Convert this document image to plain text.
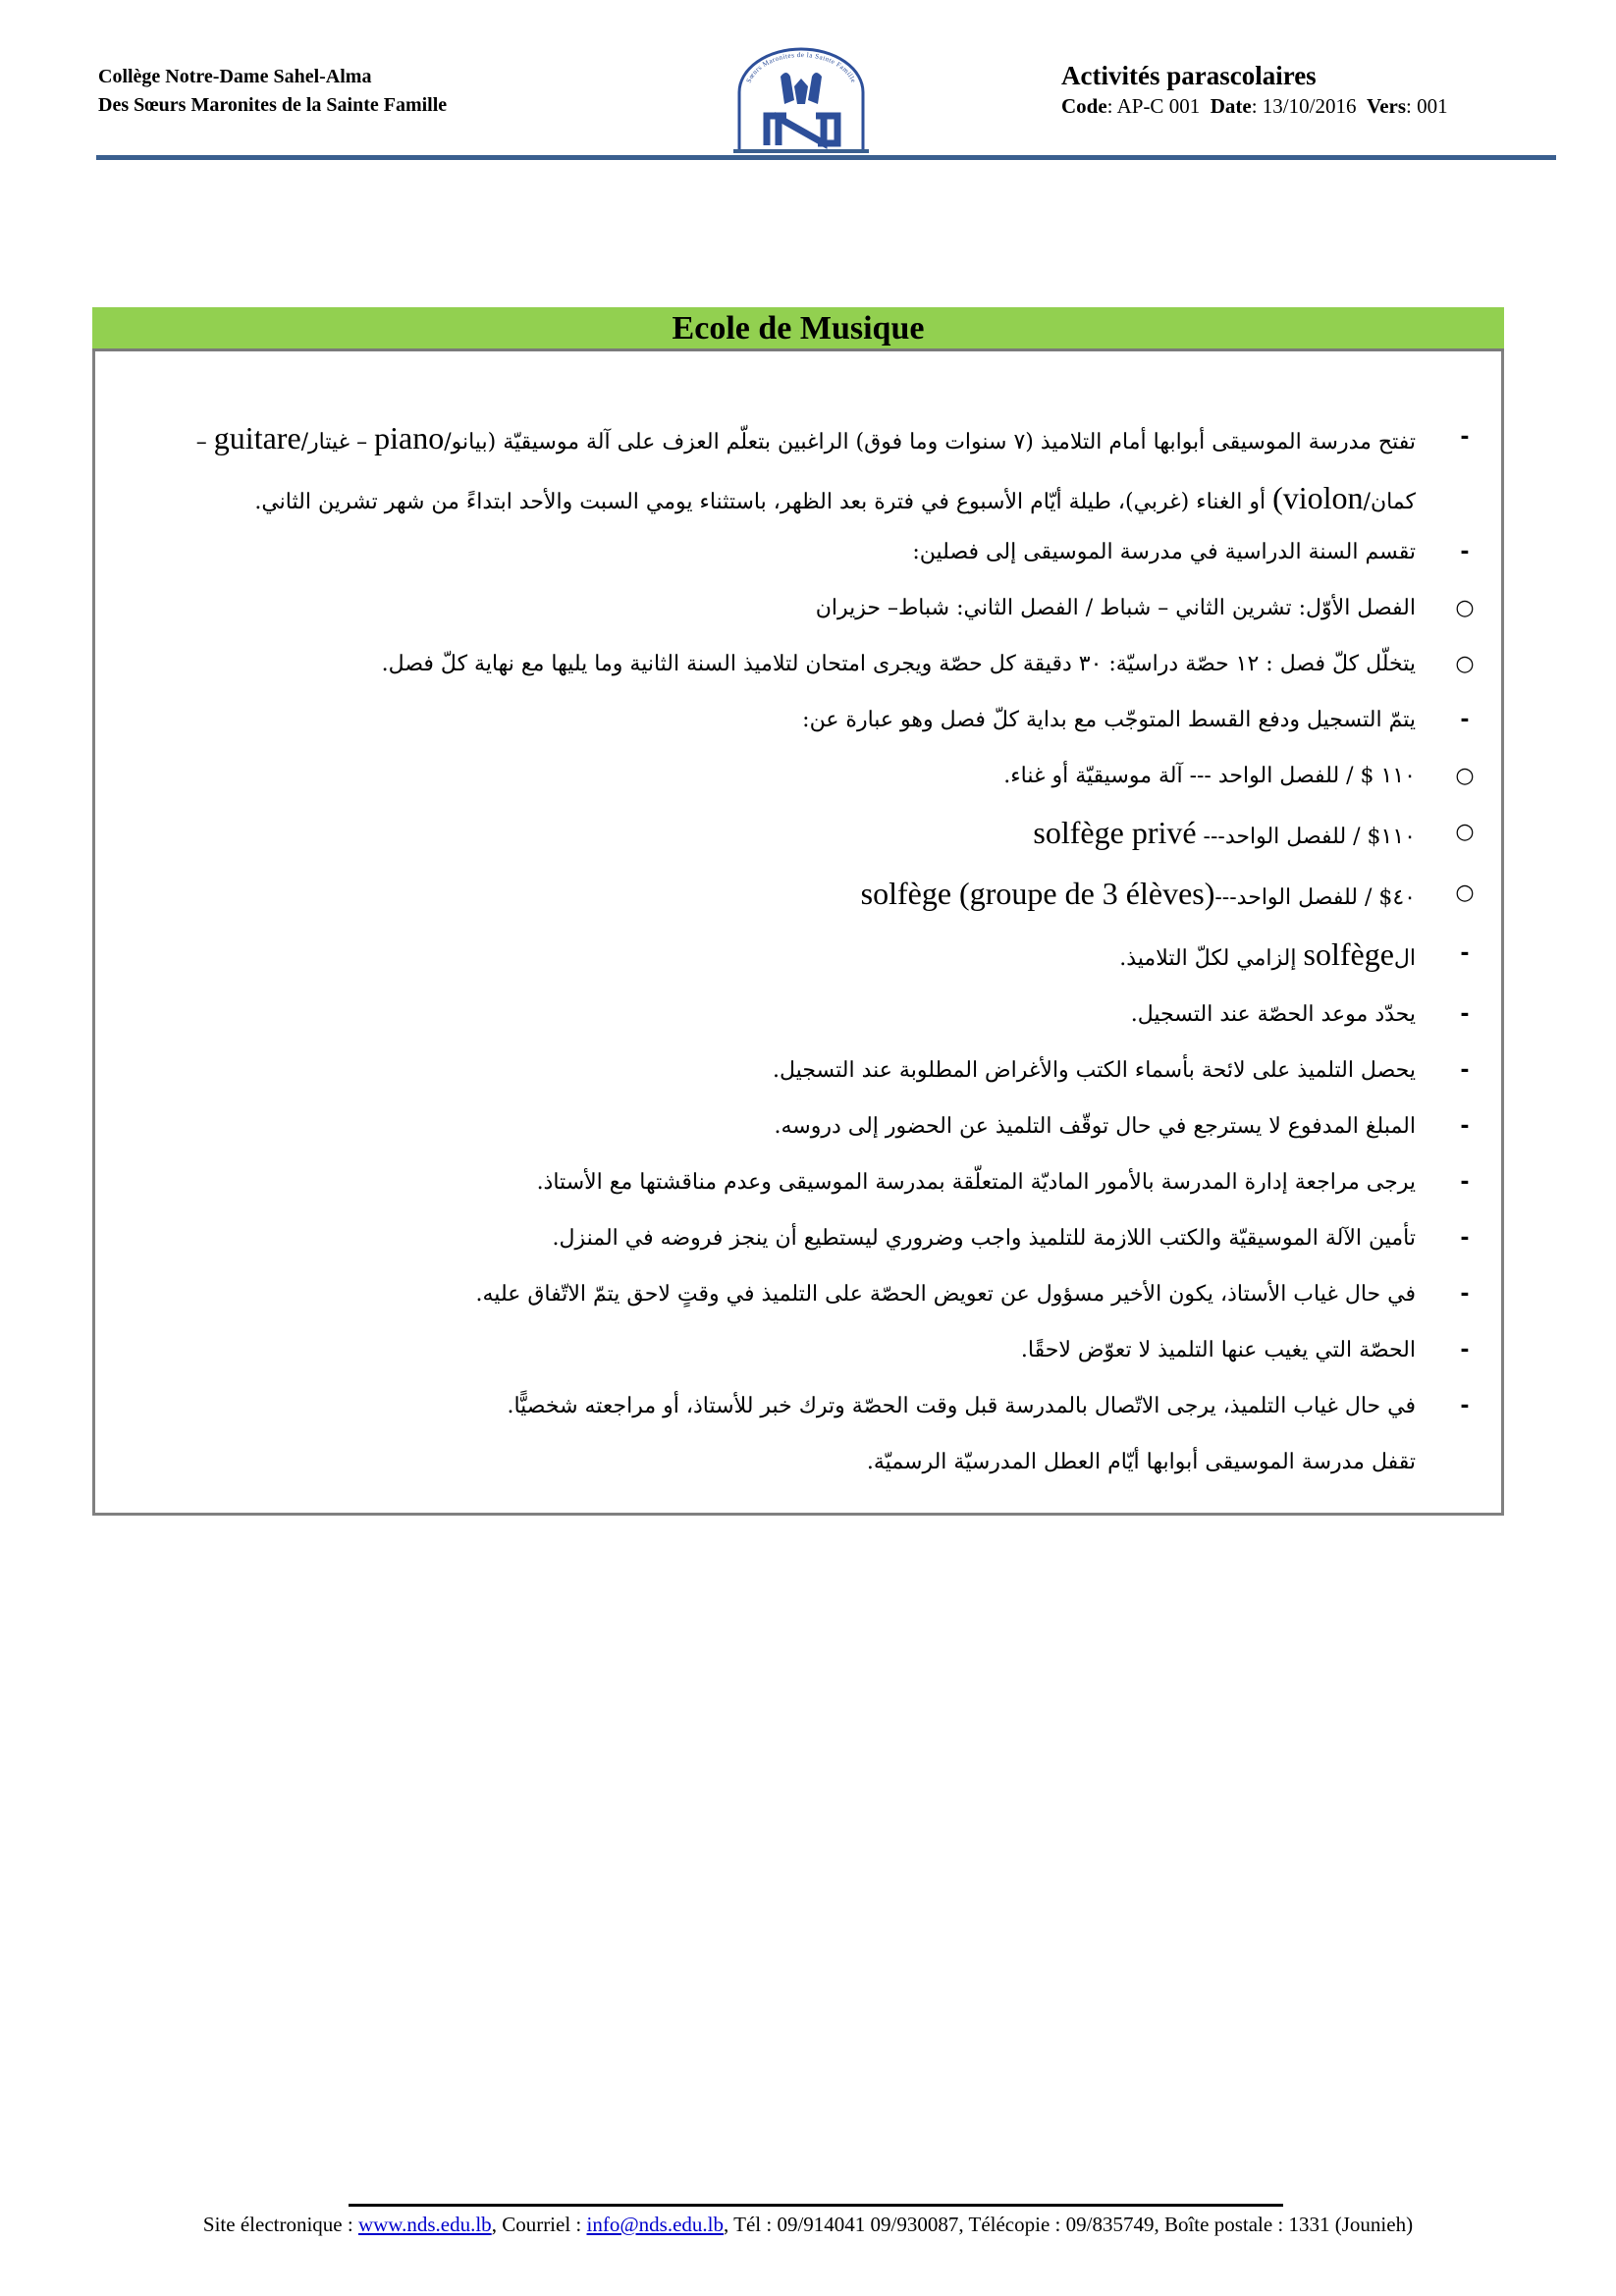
Collège Notre-Dame Sahel-Alma
Des Sœurs Maronites de la Sainte Famille
Sœurs Maronites de la Sainte Famille	Activités parascolaires
Code: AP-C 001 Date: 13/10/2016 Vers: 001
Ecole de Musique
-
تفتح مدرسة الموسيقى أبوابها أمام التلاميذ (٧ سنوات وما فوق) الراغبين بتعلّم العزف على آلة موسيقيّة (بيانو/piano – غيتار/guitare –كمان/violon) أو الغناء (غربي)، طيلة أيّام الأسبوع في فترة بعد الظهر، باستثناء يومي السبت والأحد ابتداءً من شهر تشرين الثاني.
-
تقسم السنة الدراسية في مدرسة الموسيقى إلى فصلين:
○
الفصل الأوّل: تشرين الثاني – شباط / الفصل الثاني: شباط– حزيران
○
يتخلّل كلّ فصل : ١٢ حصّة دراسيّة: ٣٠ دقيقة كل حصّة ويجرى امتحان لتلاميذ السنة الثانية وما يليها مع نهاية كلّ فصل.
-
يتمّ التسجيل ودفع القسط المتوجّب مع بداية كلّ فصل وهو عبارة عن:
○
١١٠ $ / للفصل الواحد --- آلة موسيقيّة أو غناء.
○
١١٠$ / للفصل الواحد--- solfège privé
○
٤٠$ / للفصل الواحد---solfège (groupe de 3 élèves)
-
الsolfège إلزامي لكلّ التلاميذ.
-
يحدّد موعد الحصّة عند التسجيل.
-
يحصل التلميذ على لائحة بأسماء الكتب والأغراض المطلوبة عند التسجيل.
-
المبلغ المدفوع لا يسترجع في حال توقّف التلميذ عن الحضور إلى دروسه.
-
يرجى مراجعة إدارة المدرسة بالأمور الماديّة المتعلّقة بمدرسة الموسيقى وعدم مناقشتها مع الأستاذ.
-
تأمين الآلة الموسيقيّة والكتب اللازمة للتلميذ واجب وضروري ليستطيع أن ينجز فروضه في المنزل.
-
في حال غياب الأستاذ، يكون الأخير مسؤول عن تعويض الحصّة على التلميذ في وقتٍ لاحق يتمّ الاتّفاق عليه.
-
الحصّة التي يغيب عنها التلميذ لا تعوّض لاحقًا.
-
في حال غياب التلميذ، يرجى الاتّصال بالمدرسة قبل وقت الحصّة وترك خبر للأستاذ، أو مراجعته شخصيًّا.
تقفل مدرسة الموسيقى أبوابها أيّام العطل المدرسيّة الرسميّة.
Site électronique : www.nds.edu.lb, Courriel : info@nds.edu.lb, Tél : 09/914041 09/930087, Télécopie : 09/835749, Boîte postale : 1331 (Jounieh)
